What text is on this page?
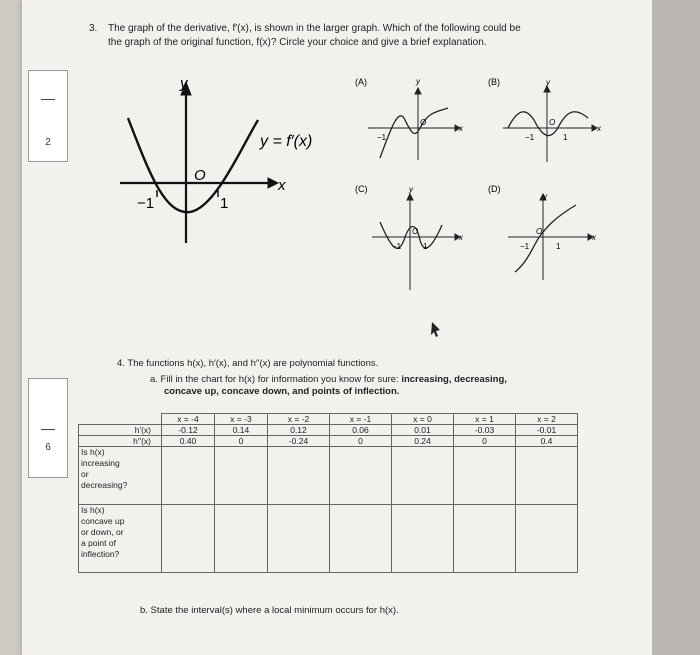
2
6
3. The graph of the derivative, f′(x), is shown in the larger graph. Which of the following could be
the graph of the original function, f(x)? Circle your choice and give a brief explanation.
y
y = f′(x)
O
x
−1	1
(A)	y
x
−1
O
(B)	y
x
−1
O
1
(C)	y
x
−1
O
1
(D)
y
x
−1
O
1
4. The functions h(x), h′(x), and h′′(x) are polynomial functions.
a. Fill in the chart for h(x) for information you know for sure: increasing, decreasing,
concave up, concave down, and points of inflection.
	x = -4	x = -3	x = -2	x = -1	x = 0	x = 1	x = 2
h′(x)	-0.12	0.14	0.12	0.06	0.01	-0.03	-0.01
h′′(x)	0.40	0	-0.24	0	0.24	0	0.4

Is h(x)
increasing
or
decreasing?							

Is h(x)
concave up
or down, or
a point of
inflection?							

b. State the interval(s) where a local minimum occurs for h(x).
